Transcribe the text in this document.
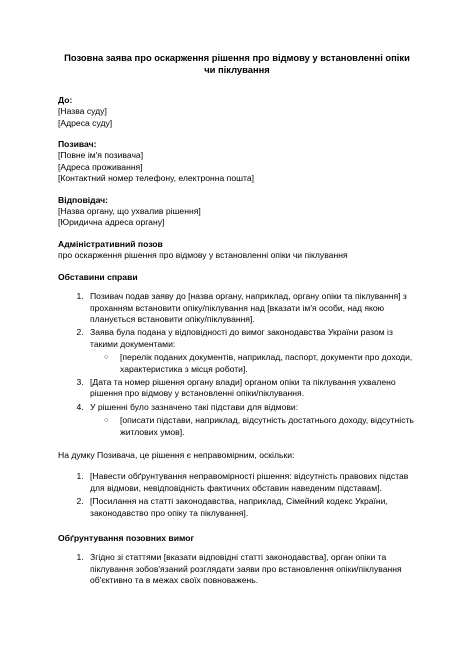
Позовна заява про оскарження рішення про відмову у встановленні опіки чи піклування
До:
[Назва суду]
[Адреса суду]
Позивач:
[Повне ім'я позивача]
[Адреса проживання]
[Контактний номер телефону, електронна пошта]
Відповідач:
[Назва органу, що ухвалив рішення]
[Юридична адреса органу]
Адміністративний позов
про оскарження рішення про відмову у встановленні опіки чи піклування
Обставини справи
1. Позивач подав заяву до [назва органу, наприклад, органу опіки та піклування] з проханням встановити опіку/піклування над [вказати ім'я особи, над якою планується встановити опіку/піклування].
2. Заява була подана у відповідності до вимог законодавства України разом із такими документами:
○ [перелік поданих документів, наприклад, паспорт, документи про доходи, характеристика з місця роботи].
3. [Дата та номер рішення органу влади] органом опіки та піклування ухвалено рішення про відмову у встановленні опіки/піклування.
4. У рішенні було зазначено такі підстави для відмови:
○ [описати підстави, наприклад, відсутність достатнього доходу, відсутність житлових умов].
На думку Позивача, це рішення є неправомірним, оскільки:
1. [Навести обґрунтування неправомірності рішення: відсутність правових підстав для відмови, невідповідність фактичних обставин наведеним підставам].
2. [Посилання на статті законодавства, наприклад, Сімейний кодекс України, законодавство про опіку та піклування].
Обґрунтування позовних вимог
1. Згідно зі статтями [вказати відповідні статті законодавства], орган опіки та піклування зобов'язаний розглядати заяви про встановлення опіки/піклування об'єктивно та в межах своїх повноважень.
